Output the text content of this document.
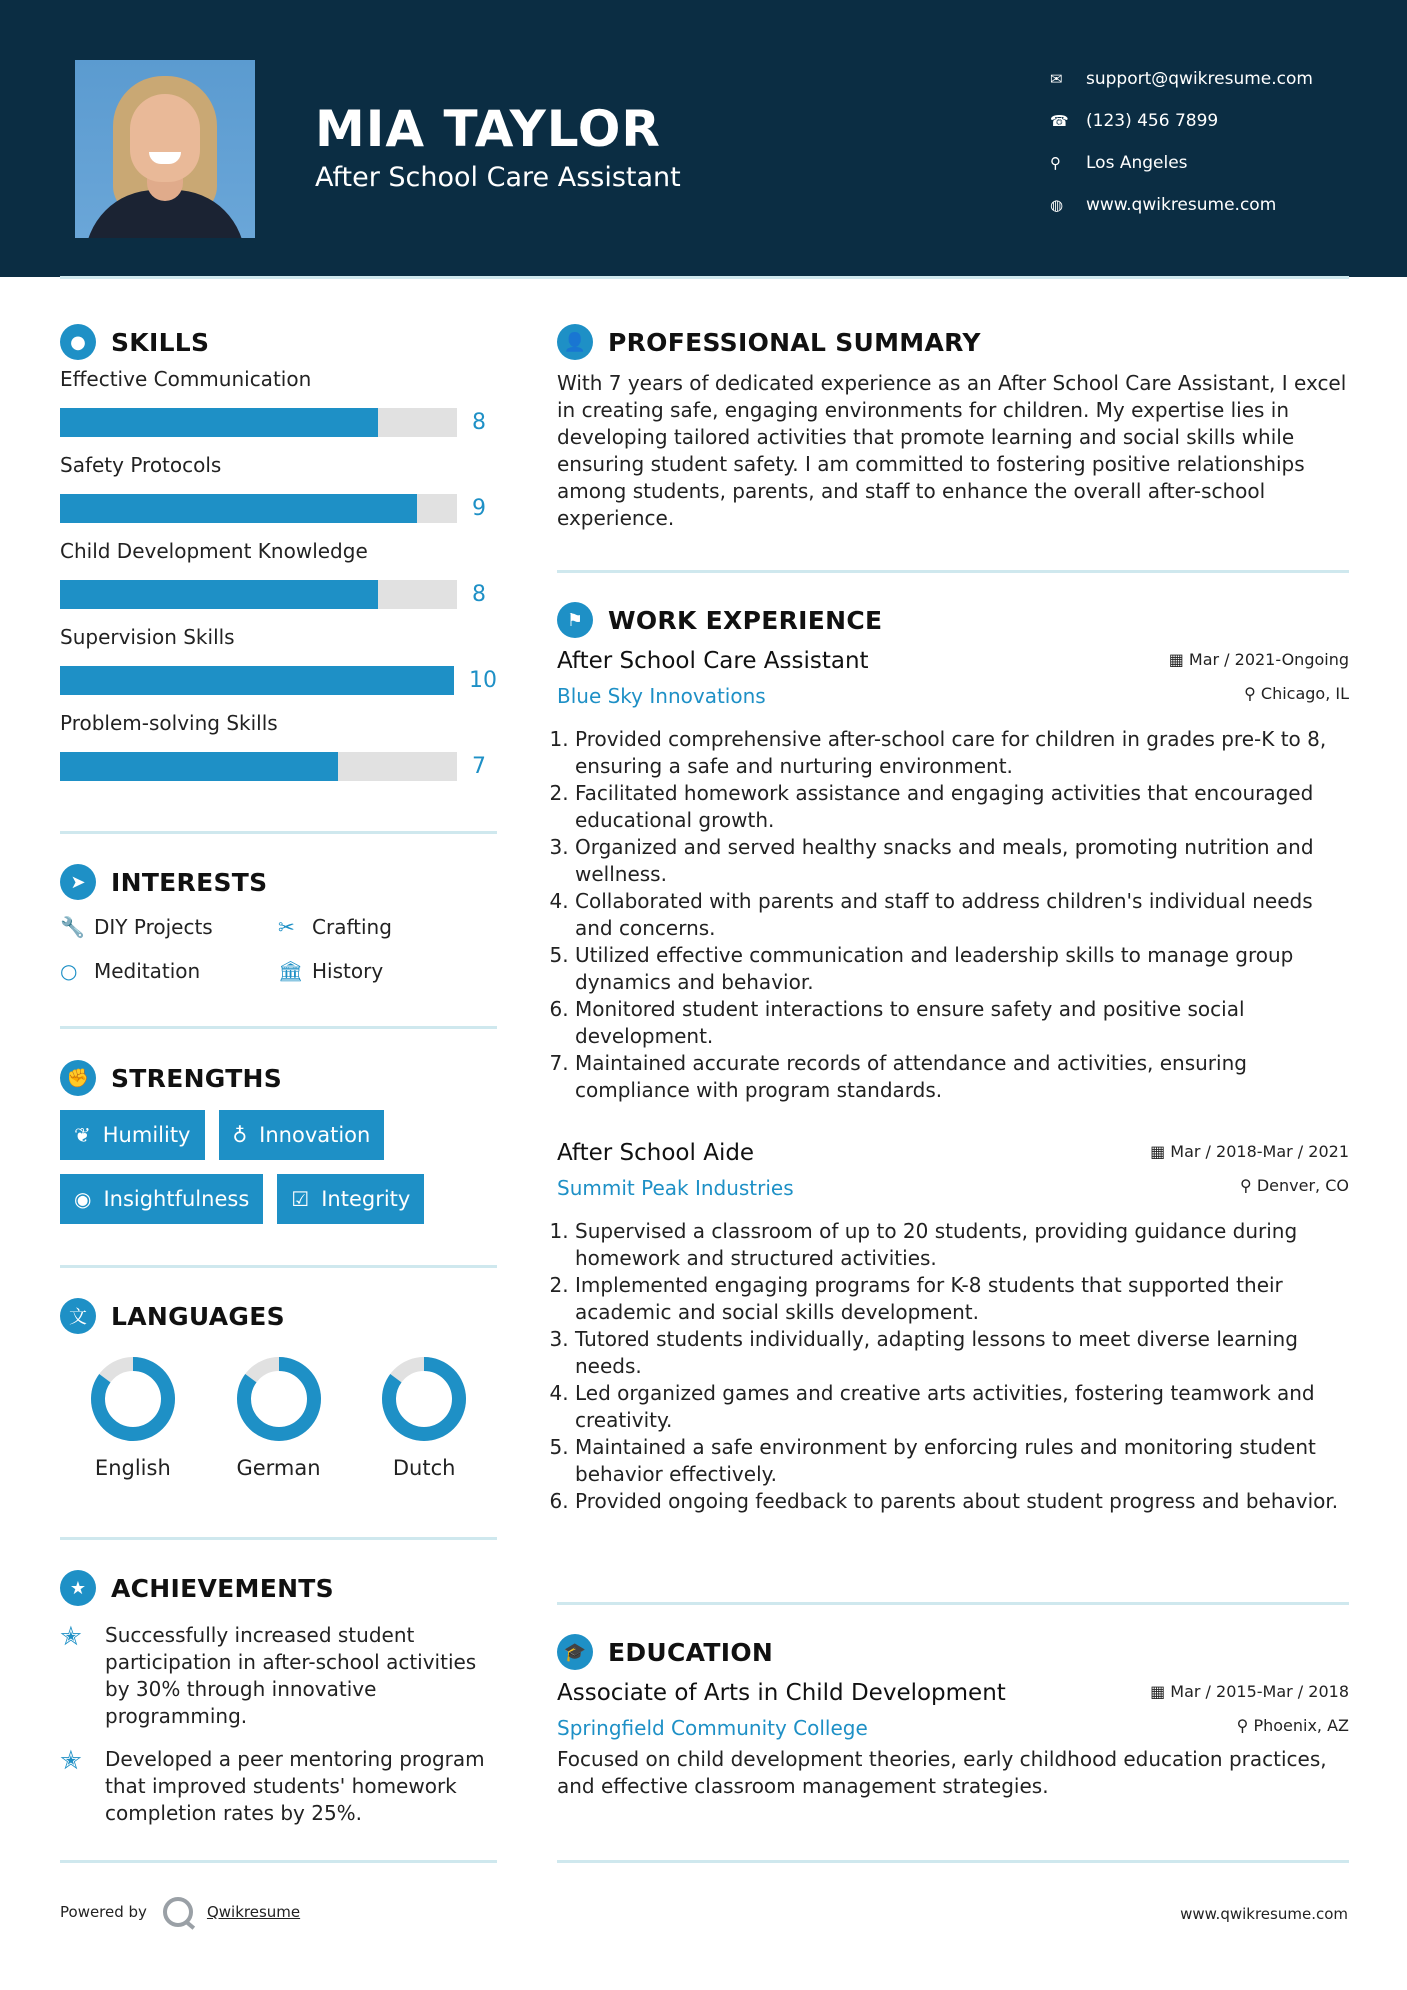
MIA TAYLOR
After School Care Assistant
✉	support@qwikresume.com
☎	(123) 456 7899
⚲	Los Angeles
◍	www.qwikresume.com
●	SKILLS
Effective Communication
8
Safety Protocols
9
Child Development Knowledge
8
Supervision Skills
10
Problem-solving Skills
7
➤	INTERESTS
🔧 DIY Projects	✂ Crafting
○ Meditation	🏛 History
✊ STRENGTHS
❦ Humility ♁ Innovation
◉ Insightfulness ☑ Integrity
文 LANGUAGES
English	German	Dutch
★ ACHIEVEMENTS
✭	Successfully increased student participation in after-school activities by 30% through innovative programming.
✭	Developed a peer mentoring program that improved students' homework completion rates by 25%.
👤 PROFESSIONAL SUMMARY
With 7 years of dedicated experience as an After School Care Assistant, I excel in creating safe, engaging environments for children. My expertise lies in developing tailored activities that promote learning and social skills while ensuring student safety. I am committed to fostering positive relationships among students, parents, and staff to enhance the overall after-school experience.
⚑ WORK EXPERIENCE
After School Care Assistant
Blue Sky Innovations
▦ Mar / 2021-Ongoing
⚲ Chicago, IL
1. Provided comprehensive after-school care for children in grades pre-K to 8, ensuring a safe and nurturing environment.
2. Facilitated homework assistance and engaging activities that encouraged educational growth.
3. Organized and served healthy snacks and meals, promoting nutrition and wellness.
4. Collaborated with parents and staff to address children's individual needs and concerns.
5. Utilized effective communication and leadership skills to manage group dynamics and behavior.
6. Monitored student interactions to ensure safety and positive social development.
7. Maintained accurate records of attendance and activities, ensuring compliance with program standards.
After School Aide
Summit Peak Industries
▦ Mar / 2018-Mar / 2021
⚲ Denver, CO
1. Supervised a classroom of up to 20 students, providing guidance during homework and structured activities.
2. Implemented engaging programs for K-8 students that supported their academic and social skills development.
3. Tutored students individually, adapting lessons to meet diverse learning needs.
4. Led organized games and creative arts activities, fostering teamwork and creativity.
5. Maintained a safe environment by enforcing rules and monitoring student behavior effectively.
6. Provided ongoing feedback to parents about student progress and behavior.
🎓 EDUCATION
Associate of Arts in Child Development
Springfield Community College
▦ Mar / 2015-Mar / 2018
⚲ Phoenix, AZ
Focused on child development theories, early childhood education practices, and effective classroom management strategies.
Powered by	Qwikresume	www.qwikresume.com
